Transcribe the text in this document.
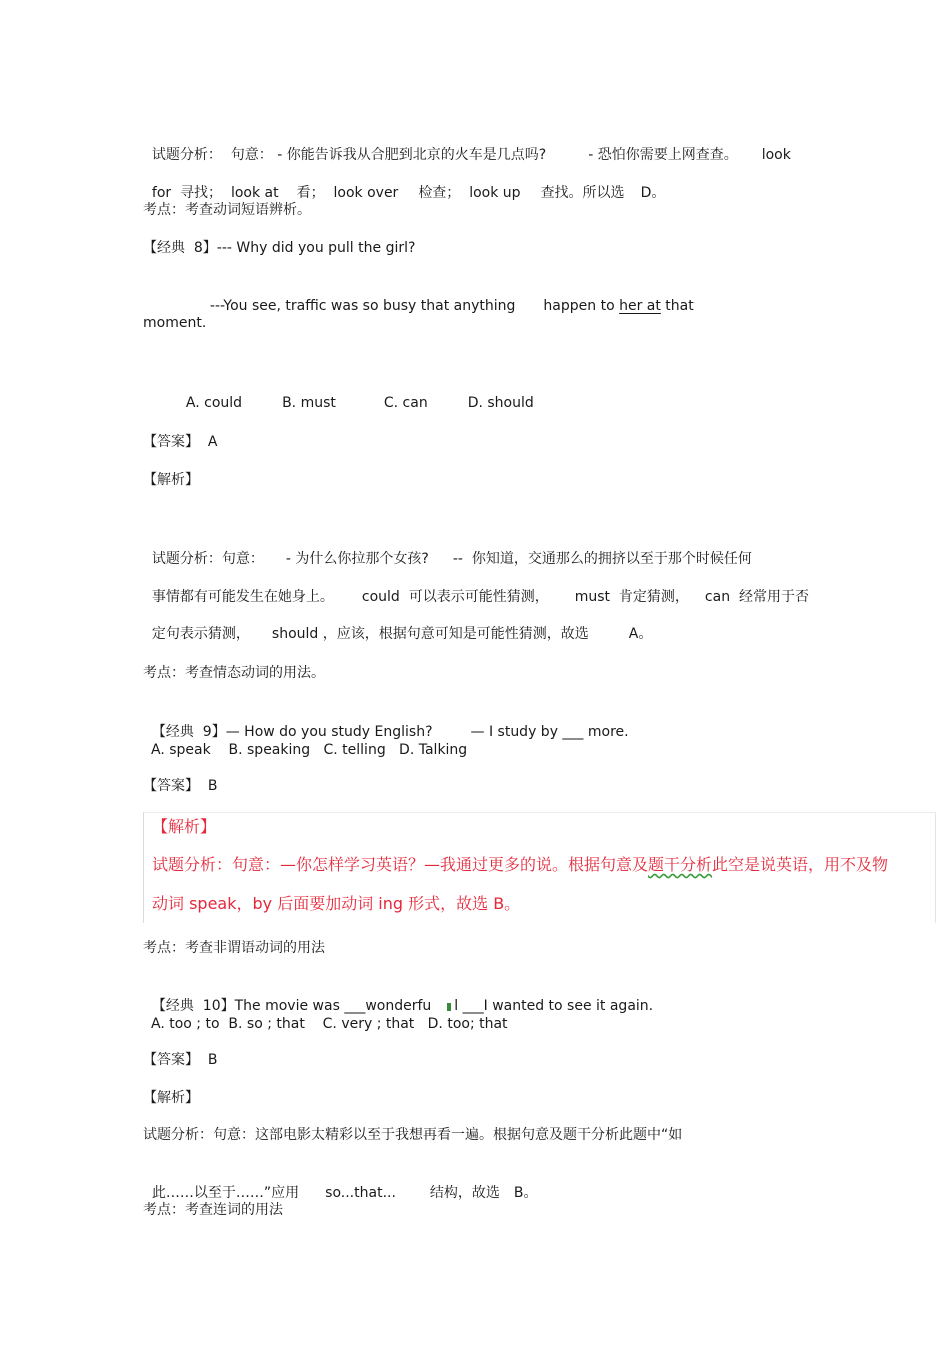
试题分析：  句意： - 你能告诉我从合肥到北京的火车是几点吗?	- 恐怕你需要上网查查。 look

for  寻找；  look at 看；  look over 检查；  look up 查找。所以选 D。

考点：考查动词短语辨析。
【经典  8】--- Why did you pull the girl?

---You see, traffic was so busy that anything happen to her at that

moment.

A. could	B. must	C. can	D. should

【答案】  A
【解析】

试题分析：句意： - 为什么你拉那个女孩? --  你知道，交通那么的拥挤以至于那个时候任何

事情都有可能发生在她身上。 could  可以表示可能性猜测， must  肯定猜测， can  经常用于否

定句表示猜测， should ，应该，根据句意可知是可能性猜测，故选	A。

考点：考查情态动词的用法。

【经典  9】— How do you study English?	— I study by ___ more.

A. speak    B. speaking   C. telling   D. Talking
【答案】  B
【解析】
试题分析：句意：—你怎样学习英语？—我通过更多的说。根据句意及题干分析此空是说英语，用不及物
动词 speak，by 后面要加动词 ing 形式，故选 B。
考点：考查非谓语动词的用法

【经典  10】The movie was ___wonderfu l ___I wanted to see it again.

A. too ; to  B. so ; that    C. very ; that   D. too; that
【答案】  B
【解析】
试题分析：句意：这部电影太精彩以至于我想再看一遍。根据句意及题干分析此题中“如

此……以至于……”应用 so...that... 结构，故选 B。

考点：考查连词的用法
